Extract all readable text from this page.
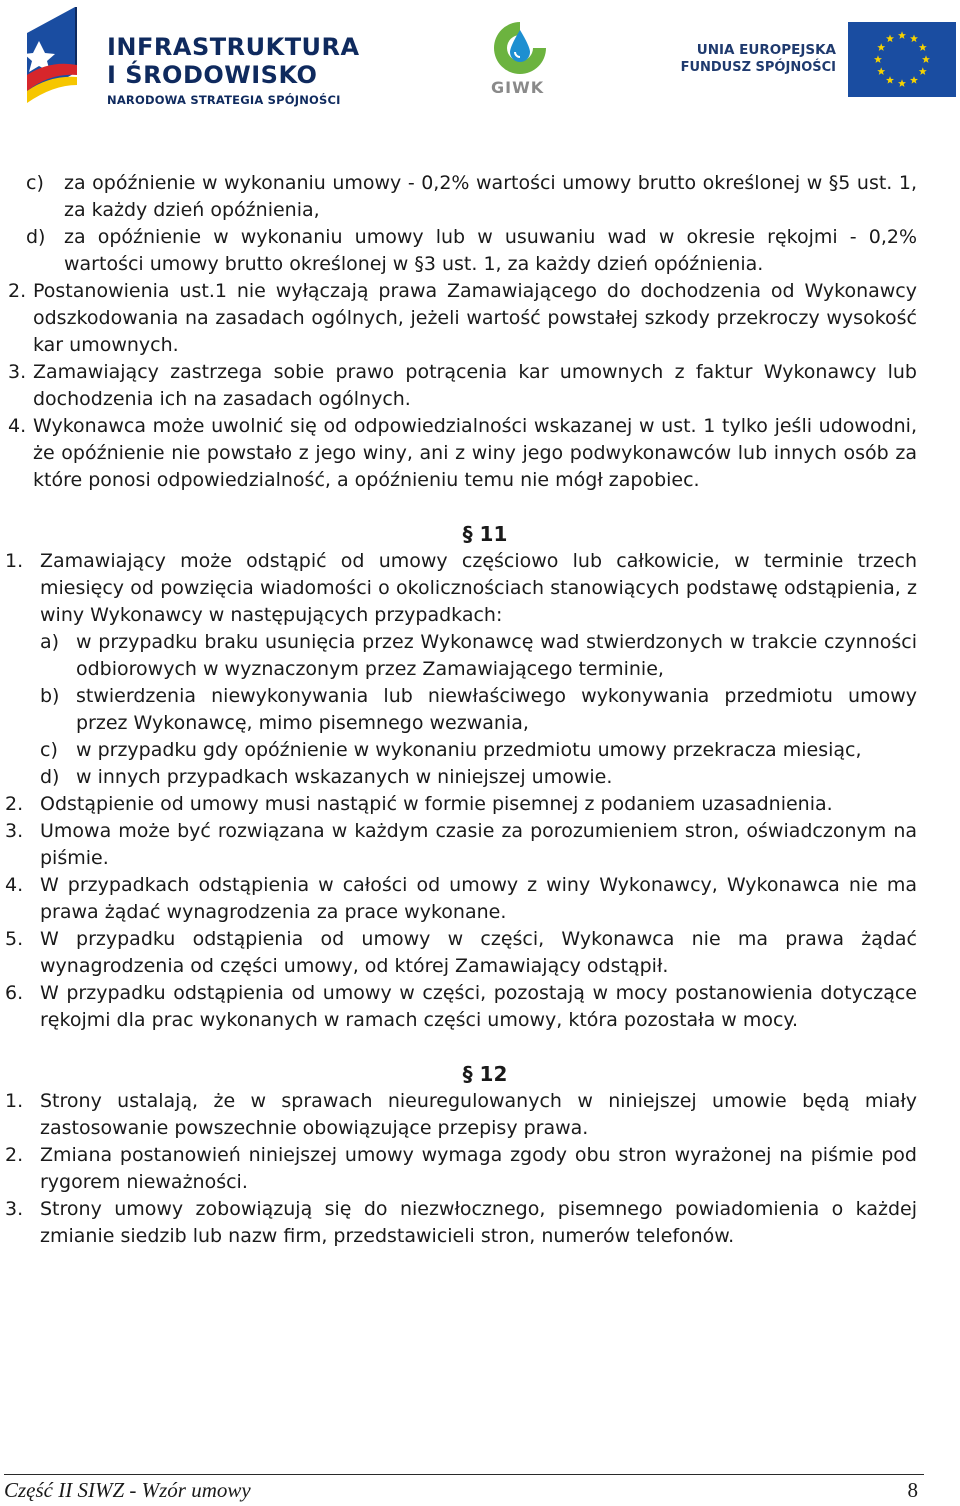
INFRASTRUKTURA
I ŚRODOWISKO
NARODOWA STRATEGIA SPÓJNOŚCI
GIWK
UNIA EUROPEJSKA
FUNDUSZ SPÓJNOŚCI
c) za opóźnienie w wykonaniu umowy - 0,2% wartości umowy brutto określonej w §5 ust. 1, za każdy dzień opóźnienia,
d) za opóźnienie w wykonaniu umowy lub w usuwaniu wad w okresie rękojmi - 0,2% wartości umowy brutto określonej w §3 ust. 1, za każdy dzień opóźnienia.
2. Postanowienia ust.1 nie wyłączają prawa Zamawiającego do dochodzenia od Wykonawcy odszkodowania na zasadach ogólnych, jeżeli wartość powstałej szkody przekroczy wysokość kar umownych.
3. Zamawiający zastrzega sobie prawo potrącenia kar umownych z faktur Wykonawcy lub dochodzenia ich na zasadach ogólnych.
4. Wykonawca może uwolnić się od odpowiedzialności wskazanej w ust. 1 tylko jeśli udowodni, że opóźnienie nie powstało z jego winy, ani z winy jego podwykonawców lub innych osób za które ponosi odpowiedzialność, a opóźnieniu temu nie mógł zapobiec.
§ 11
1. Zamawiający może odstąpić od umowy częściowo lub całkowicie, w terminie trzech miesięcy od powzięcia wiadomości o okolicznościach stanowiących podstawę odstąpienia, z winy Wykonawcy w następujących przypadkach:
a) w przypadku braku usunięcia przez Wykonawcę wad stwierdzonych w trakcie czynności odbiorowych w wyznaczonym przez Zamawiającego terminie,
b) stwierdzenia niewykonywania lub niewłaściwego wykonywania przedmiotu umowy przez Wykonawcę, mimo pisemnego wezwania,
c) w przypadku gdy opóźnienie w wykonaniu przedmiotu umowy przekracza miesiąc,
d) w innych przypadkach wskazanych w niniejszej umowie.
2. Odstąpienie od umowy musi nastąpić w formie pisemnej z podaniem uzasadnienia.
3. Umowa może być rozwiązana w każdym czasie za porozumieniem stron, oświadczonym na piśmie.
4. W przypadkach odstąpienia w całości od umowy z winy Wykonawcy, Wykonawca nie ma prawa żądać wynagrodzenia za prace wykonane.
5. W przypadku odstąpienia od umowy w części, Wykonawca nie ma prawa żądać wynagrodzenia od części umowy, od której Zamawiający odstąpił.
6. W przypadku odstąpienia od umowy w części, pozostają w mocy postanowienia dotyczące rękojmi dla prac wykonanych w ramach części umowy, która pozostała w mocy.
§ 12
1. Strony ustalają, że w sprawach nieuregulowanych w niniejszej umowie będą miały zastosowanie powszechnie obowiązujące przepisy prawa.
2. Zmiana postanowień niniejszej umowy wymaga zgody obu stron wyrażonej na piśmie pod rygorem nieważności.
3. Strony umowy zobowiązują się do niezwłocznego, pisemnego powiadomienia o każdej zmianie siedzib lub nazw firm, przedstawicieli stron, numerów telefonów.
Część II SIWZ - Wzór umowy	8
